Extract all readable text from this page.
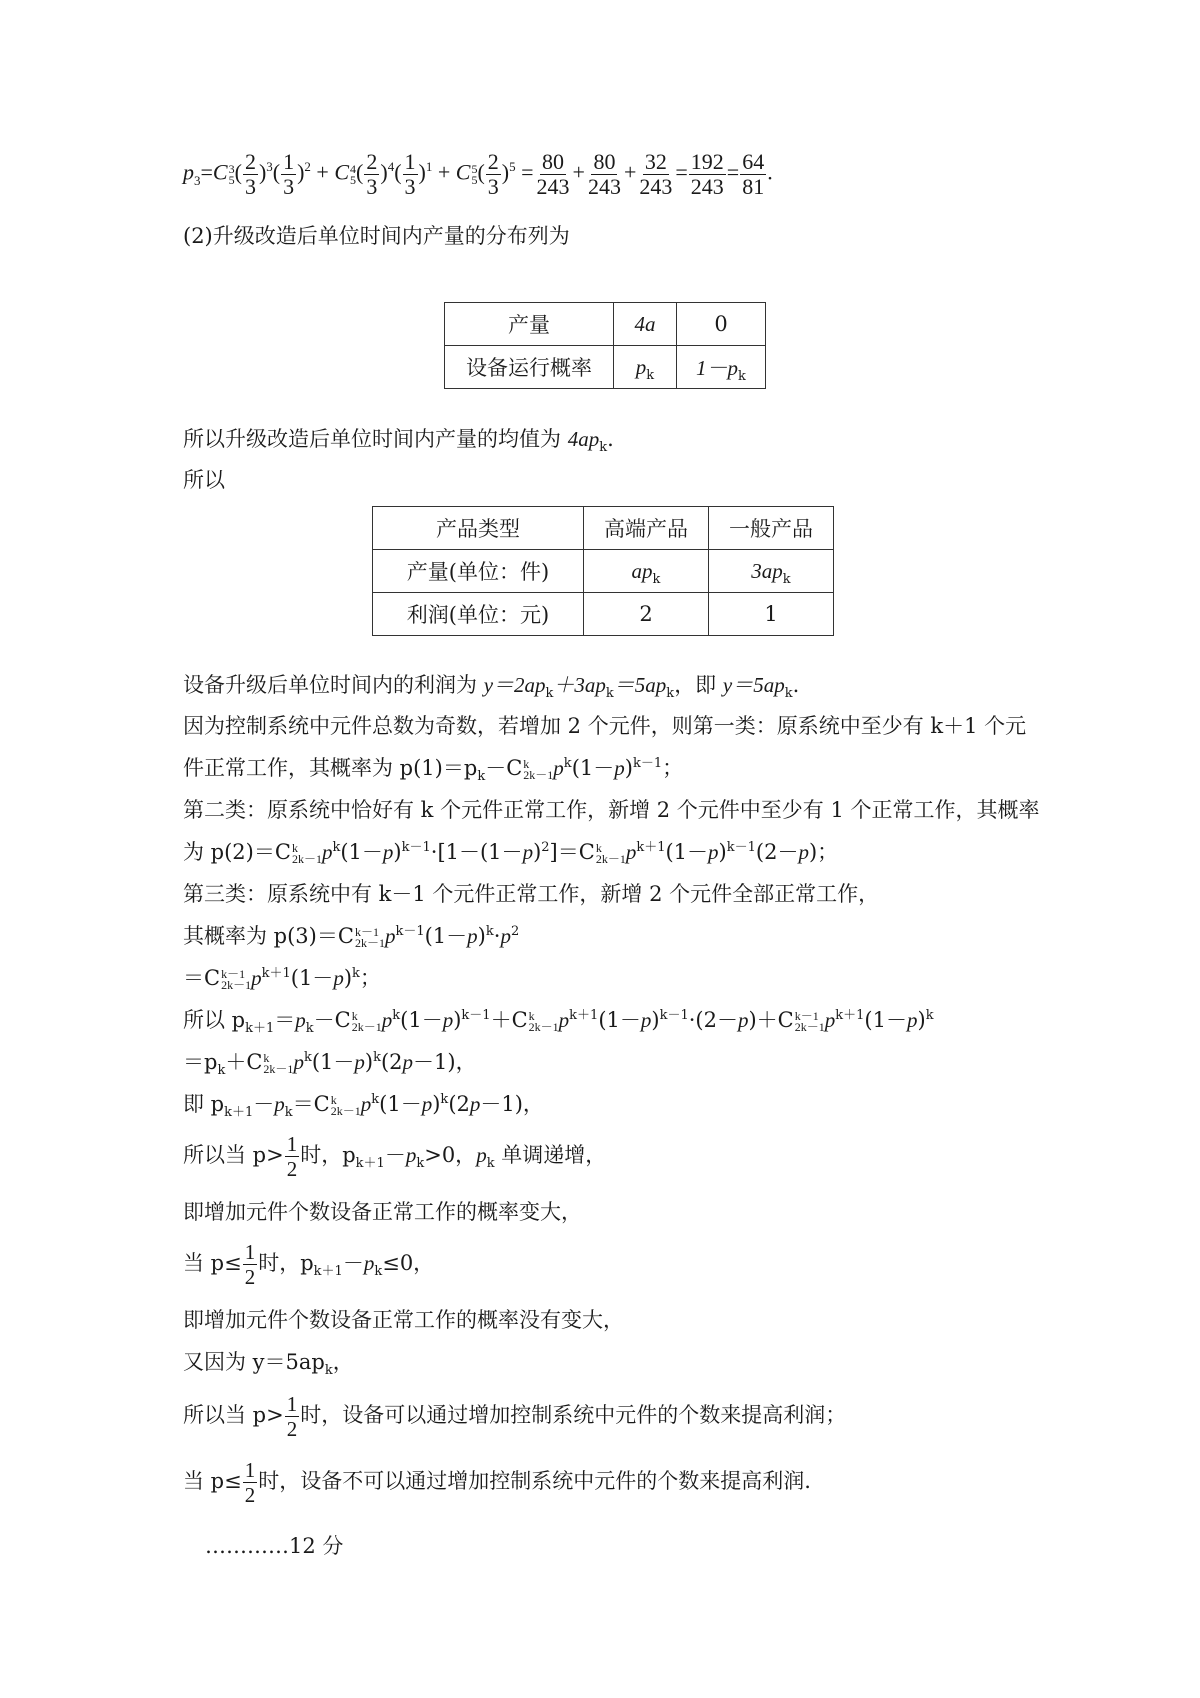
$p_3=C$ 3
5 ( $\frac{2}{3} )^3( \frac{1}{3} )^2 + C$ 4
5 ( $\frac{2}{3} )^4( \frac{1}{3} )^1 + C$ 5
5 ( $\frac{2}{3} )^5 = \frac{80}{243} + \frac{80}{243} + \frac{32}{243} = \frac{192}{243} = \frac{64}{81}$ .
(2)升级改造后单位时间内产量的分布列为
产量	4a	0
设备运行概率	$p_k$	$1-p_k$
所以升级改造后单位时间内产量的均值为 $4ap_k$.
所以
产品类型	高端产品	一般产品
产量(单位：件)	$ap_k$	$3ap_k$
利润(单位：元)	2	1
设备升级后单位时间内的利润为 $y=2ap_k+3ap_k=5ap_k$，即 $y=5ap_k$.
因为控制系统中元件总数为奇数，若增加 2 个元件，则第一类：原系统中至少有 k＋1 个元
件正常工作，其概率为 $p(1)=p_k-C$ k
2k－1 $p^k(1-p)^{k-1}$；
第二类：原系统中恰好有 k 个元件正常工作，新增 2 个元件中至少有 1 个正常工作，其概率
为 p(2)＝C k
2k－1 $p^k(1-p)^{k-1}\cdot[1-(1-p)^2]=C$ k
2k－1 $p^{k+1}(1-p)^{k-1}(2-p)$；
第三类：原系统中有 k－1 个元件正常工作，新增 2 个元件全部正常工作，
其概率为 p(3)＝C k－1
2k－1 $p^{k-1}(1-p)^k\cdot p^2$
＝C k－1
2k－1 $p^{k+1}(1-p)^k$；
所以 $p_{k+1}=p_k-C$ k
2k－1 $p^k(1-p)^{k-1}+C$ k
2k－1 $p^{k+1}(1-p)^{k-1}\cdot(2-p)+C$ k－1
2k－1 $p^{k+1}(1-p)^k$
$=p_k+C$ k
2k－1 $p^k(1-p)^k(2p-1)$，
即 $p_{k+1}-p_k=C$ k
2k－1 $p^k(1-p)^k(2p-1)$，
所以当 $p> \frac{1}{2}$ 时，$p_{k+1}-p_k>0$，$p_k$ 单调递增，
即增加元件个数设备正常工作的概率变大，
当 $p\le \frac{1}{2}$ 时，$p_{k+1}-p_k\le 0$，
即增加元件个数设备正常工作的概率没有变大，
又因为 $y=5ap_k$，
所以当 $p> \frac{1}{2}$ 时，设备可以通过增加控制系统中元件的个数来提高利润；
当 $p\le \frac{1}{2}$ 时，设备不可以通过增加控制系统中元件的个数来提高利润.
…………12 分
